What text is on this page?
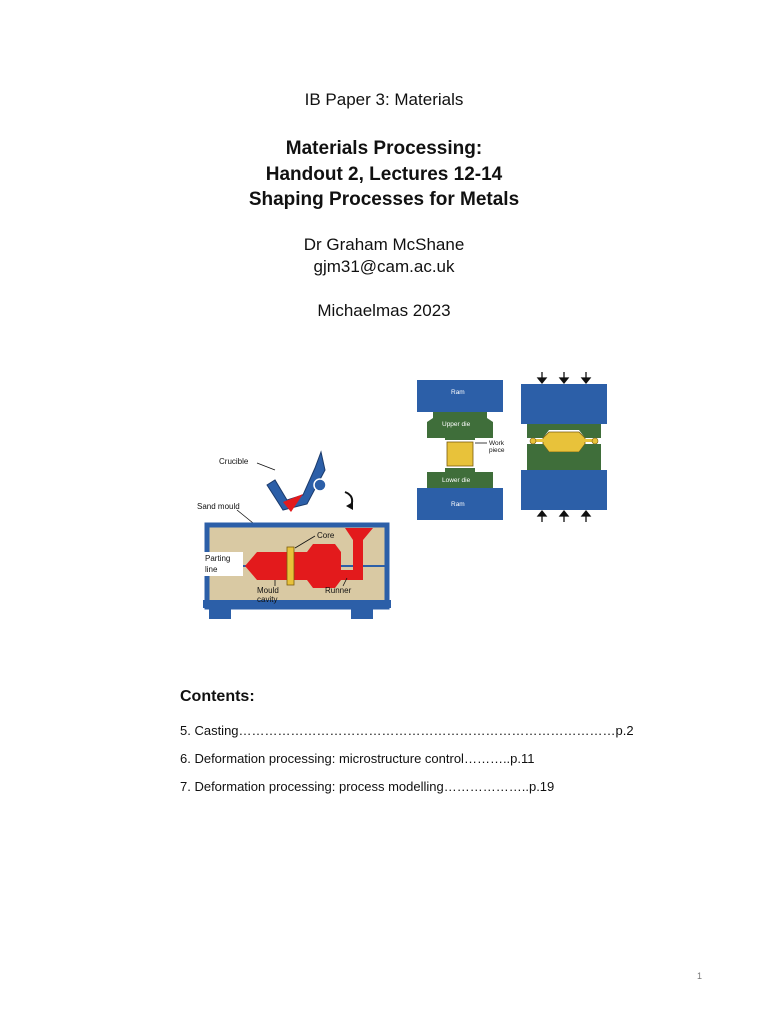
IB Paper 3: Materials
Materials Processing:
Handout 2, Lectures 12-14
Shaping Processes for Metals
Dr Graham McShane
gjm31@cam.ac.uk
Michaelmas 2023
Crucible
Sand mould
Core
Parting
line
Mould
cavity
Runner
Ram
Upper die
Lower die
Ram
Work
piece
Contents:
5. Casting……………………………………………………………………………p.2
6. Deformation processing: microstructure control………..p.11
7. Deformation processing: process modelling………………..p.19
1
